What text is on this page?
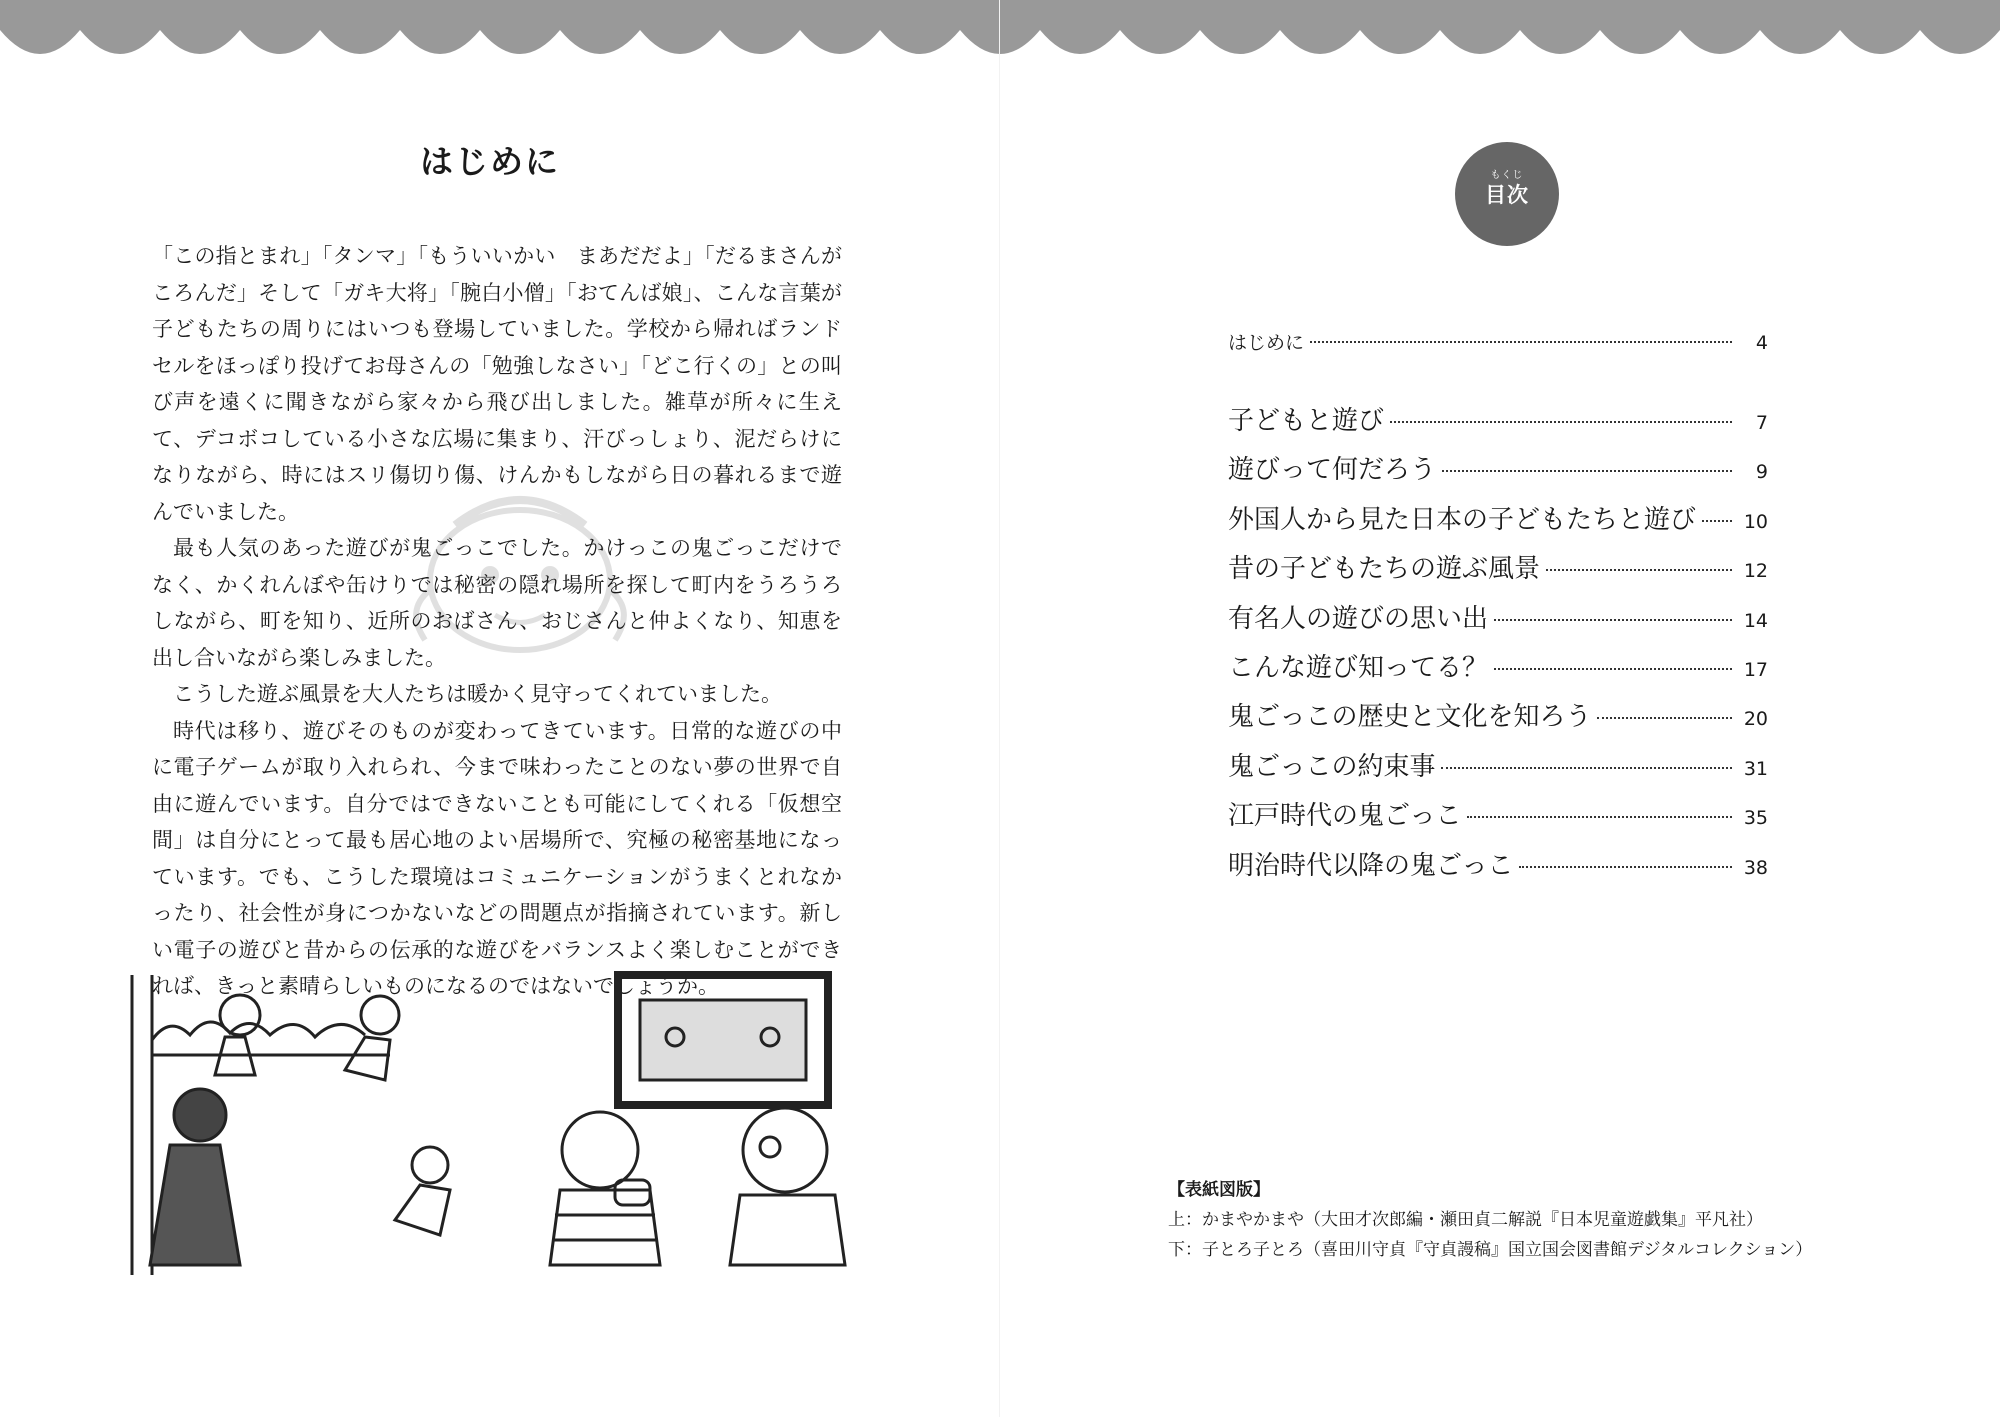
はじめに

「この指とまれ」「タンマ」「もういいかい　まあだだよ」「だるまさんがころんだ」そして「ガキ大将」「腕白小僧」「おてんば娘」、こんな言葉が子どもたちの周りにはいつも登場していました。学校から帰ればランドセルをほっぽり投げてお母さんの「勉強しなさい」「どこ行くの」との叫び声を遠くに聞きながら家々から飛び出しました。雑草が所々に生えて、デコボコしている小さな広場に集まり、汗びっしょり、泥だらけになりながら、時にはスリ傷切り傷、けんかもしながら日の暮れるまで遊んでいました。

最も人気のあった遊びが鬼ごっこでした。かけっこの鬼ごっこだけでなく、かくれんぼや缶けりでは秘密の隠れ場所を探して町内をうろうろしながら、町を知り、近所のおばさん、おじさんと仲よくなり、知恵を出し合いながら楽しみました。

こうした遊ぶ風景を大人たちは暖かく見守ってくれていました。

時代は移り、遊びそのものが変わってきています。日常的な遊びの中に電子ゲームが取り入れられ、今まで味わったことのない夢の世界で自由に遊んでいます。自分ではできないことも可能にしてくれる「仮想空間」は自分にとって最も居心地のよい居場所で、究極の秘密基地になっています。でも、こうした環境はコミュニケーションがうまくとれなかったり、社会性が身につかないなどの問題点が指摘されています。新しい電子の遊びと昔からの伝承的な遊びをバランスよく楽しむことができれば、きっと素晴らしいものになるのではないでしょうか。

もくじ
目次
はじめに	4
子どもと遊び	7
遊びって何だろう	9
外国人から見た日本の子どもたちと遊び	10
昔の子どもたちの遊ぶ風景	12
有名人の遊びの思い出	14
こんな遊び知ってる？	17
鬼ごっこの歴史と文化を知ろう	20
鬼ごっこの約束事	31
江戸時代の鬼ごっこ	35
明治時代以降の鬼ごっこ	38
【表紙図版】
上：かまやかまや（大田才次郎編・瀬田貞二解説『日本児童遊戯集』平凡社）
下：子とろ子とろ（喜田川守貞『守貞謾稿』国立国会図書館デジタルコレクション）
